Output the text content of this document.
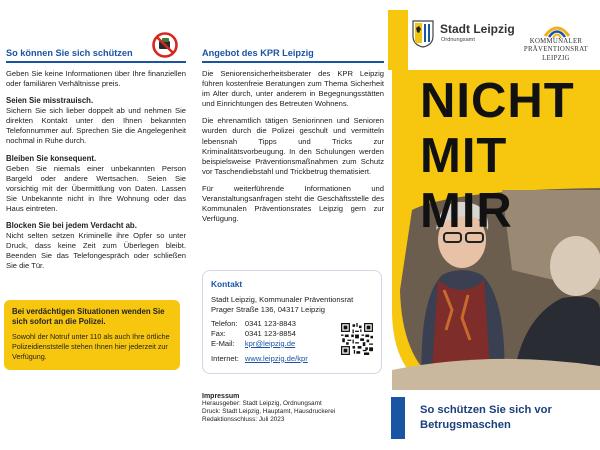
So können Sie sich schützen

Geben Sie keine Informationen über Ihre finanziellen oder familiären Verhältnisse preis.

Seien Sie misstrauisch.

Sichern Sie sich lieber doppelt ab und nehmen Sie direkten Kontakt unter den Ihnen bekannten Telefonnummer auf. Sprechen Sie die Angelegenheit nochmal in Ruhe durch.

Bleiben Sie konsequent.

Geben Sie niemals einer unbekannten Person Bargeld oder andere Wertsachen. Seien Sie vorsichtig mit der Übermittlung von Daten. Lassen Sie Unbekannte nicht in Ihre Wohnung oder das Haus eintreten.

Blocken Sie bei jedem Verdacht ab.

Nicht selten setzen Kriminelle ihre Opfer so unter Druck, dass keine Zeit zum Überlegen bleibt. Beenden Sie das Telefongespräch oder schließen Sie die Tür.

Bei verdächtigen Situationen wenden Sie sich sofort an die Polizei.

Sowohl der Notruf unter 110 als auch Ihre örtliche Polizeidienststelle stehen Ihnen hier jederzeit zur Verfügung.

Angebot des KPR Leipzig

Die Seniorensicherheitsberater des KPR Leipzig führen kostenfreie Beratungen zum Thema Sicherheit im Alter durch, unter anderem in Begegnungsstätten und Einrichtungen des Betreuten Wohnens.

Die ehrenamtlich tätigen Seniorinnen und Senioren wurden durch die Polizei geschult und vermitteln lebensnah Tipps und Tricks zur Kriminalitätsvorbeugung. In den Schulungen werden beispielsweise Präventionsmaßnahmen zum Schutz vor Taschendiebstahl und Trickbetrug thematisiert.

Für weiterführende Informationen und Veranstaltungsanfragen steht die Geschäftsstelle des Kommunalen Präventionsrates Leipzig gern zur Verfügung.

Kontakt

Stadt Leipzig, Kommunaler Präventionsrat

Prager Straße 136, 04317 Leipzig

Telefon:	0341 123-8843
Fax:	0341 123-8854
E-Mail:	kpr@leipzig.de

Internet:	www.leipzig.de/kpr

Impressum

Herausgeber: Stadt Leipzig, Ordnungsamt

Druck: Stadt Leipzig, Hauptamt, Hausdruckerei

Redaktionsschluss: Juli 2023

Stadt Leipzig
Ordnungsamt	KOMMUNALER
PRÄVENTIONSRAT
LEIPZIG
NICHT
MIT
MIR

So schützen Sie sich vor Betrugsmaschen
